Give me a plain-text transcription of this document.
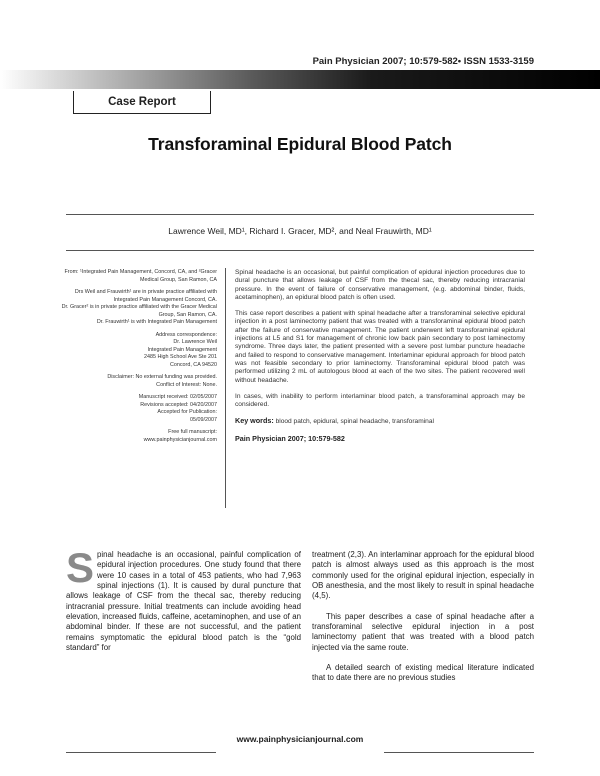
Pain Physician 2007; 10:579-582• ISSN 1533-3159
Case Report
Transforaminal Epidural Blood Patch
Lawrence Weil, MD¹, Richard I. Gracer, MD², and Neal Frauwirth, MD¹

From: ¹Integrated Pain Management, Concord, CA, and ²Gracer Medical Group, San Ramon, CA

Drs Weil and Frauwirth¹ are in private practice affiliated with Integrated Pain Management Concord, CA.
Dr. Gracer² is in private practice affiliated with the Gracer Medical Group, San Ramon, CA.
Dr. Frauwirth¹ is with Integrated Pain Management

Address correspondence:
Dr. Lawrence Weil
Integrated Pain Management
2485 High School Ave Ste 201
Concord, CA 94520

Disclaimer: No external funding was provided.
Conflict of Interest: None.

Manuscript received: 02/05/2007
Revisions accepted: 04/20/2007
Accepted for Publication:
05/09/2007

Free full manuscript:
www.painphysicianjournal.com

Spinal headache is an occasional, but painful complication of epidural injection procedures due to dural puncture that allows leakage of CSF from the thecal sac, thereby reducing intracranial pressure. In the event of failure of conservative management, (e.g. abdominal binder, fluids, acetaminophen), an epidural blood patch is often used.

This case report describes a patient with spinal headache after a transforaminal selective epidural injection in a post laminectomy patient that was treated with a transforaminal epidural blood patch after the failure of conservative management. The patient underwent left transforaminal epidural injections at L5 and S1 for management of chronic low back pain secondary to post laminectomy syndrome. Three days later, the patient presented with a severe post lumbar puncture headache and failed to respond to conservative management. Interlaminar epidural approach for blood patch was not feasible secondary to prior laminectomy. Transforaminal epidural blood patch was performed utilizing 2 mL of autologous blood at each of the two sites. The patient recovered well without headache.

In cases, with inability to perform interlaminar blood patch, a transforaminal approach may be considered.

Key words: blood patch, epidural, spinal headache, transforaminal

Pain Physician 2007; 10:579-582

Spinal headache is an occasional, painful complication of epidural injection procedures. One study found that there were 10 cases in a total of 453 patients, who had 7,963 spinal injections (1). It is caused by dural puncture that allows leakage of CSF from the thecal sac, thereby reducing intracranial pressure. Initial treatments can include avoiding head elevation, increased fluids, caffeine, acetaminophen, and use of an abdominal binder. If these are not successful, and the patient remains symptomatic the epidural blood patch is the “gold standard” for

treatment (2,3). An interlaminar approach for the epidural blood patch is almost always used as this approach is the most commonly used for the original epidural injection, especially in OB anesthesia, and the most likely to result in spinal headache (4,5).

This paper describes a case of spinal headache after a transforaminal selective epidural injection in a post laminectomy patient that was treated with a blood patch injected via the same route.

A detailed search of existing medical literature indicated that to date there are no previous studies

www.painphysicianjournal.com
